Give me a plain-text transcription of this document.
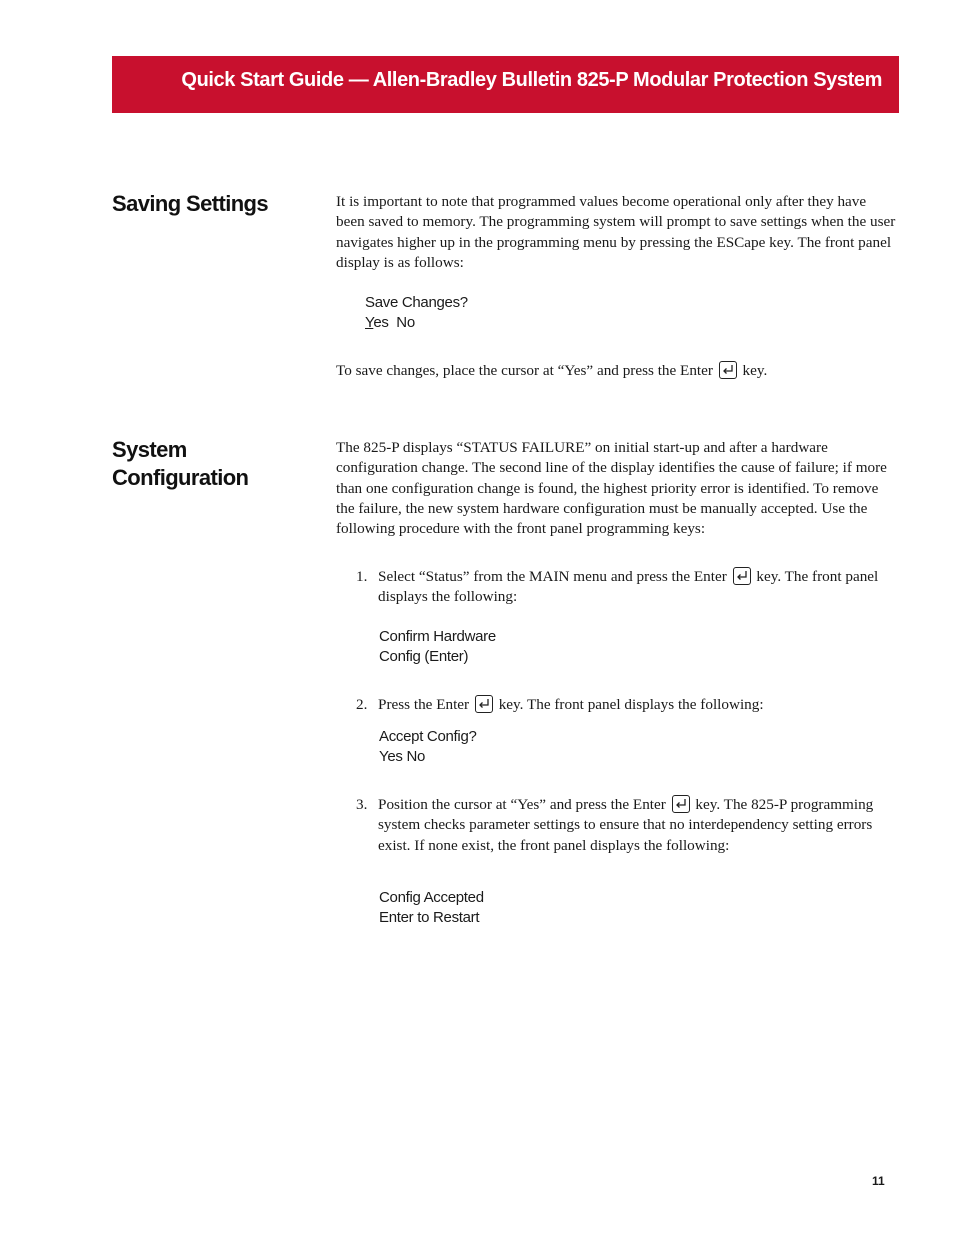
Quick Start Guide — Allen-Bradley Bulletin 825-P Modular Protection System
Saving Settings	It is important to note that programmed values become operational only after they have been saved to memory. The programming system will prompt to save settings when the user navigates higher up in the programming menu by pressing the ESCape key. The front panel display is as follows:

Save Changes?
Yes  No

To save changes, place the cursor at “Yes” and press the Enter key.

System
Configuration

The 825-P displays “STATUS FAILURE” on initial start-up and after a hardware configuration change. The second line of the display identifies the cause of failure; if more than one configuration change is found, the highest priority error is identified. To remove the failure, the new system hardware configuration must be manually accepted. Use the following procedure with the front panel programming keys:

1. Select “Status” from the MAIN menu and press the Enter key. The front panel displays the following:
Confirm Hardware
Config (Enter)
2. Press the Enter key. The front panel displays the following:
Accept Config?
Yes No
3. Position the cursor at “Yes” and press the Enter key. The 825-P programming system checks parameter settings to ensure that no interdependency setting errors exist. If none exist, the front panel displays the following:
Config Accepted
Enter to Restart
11
